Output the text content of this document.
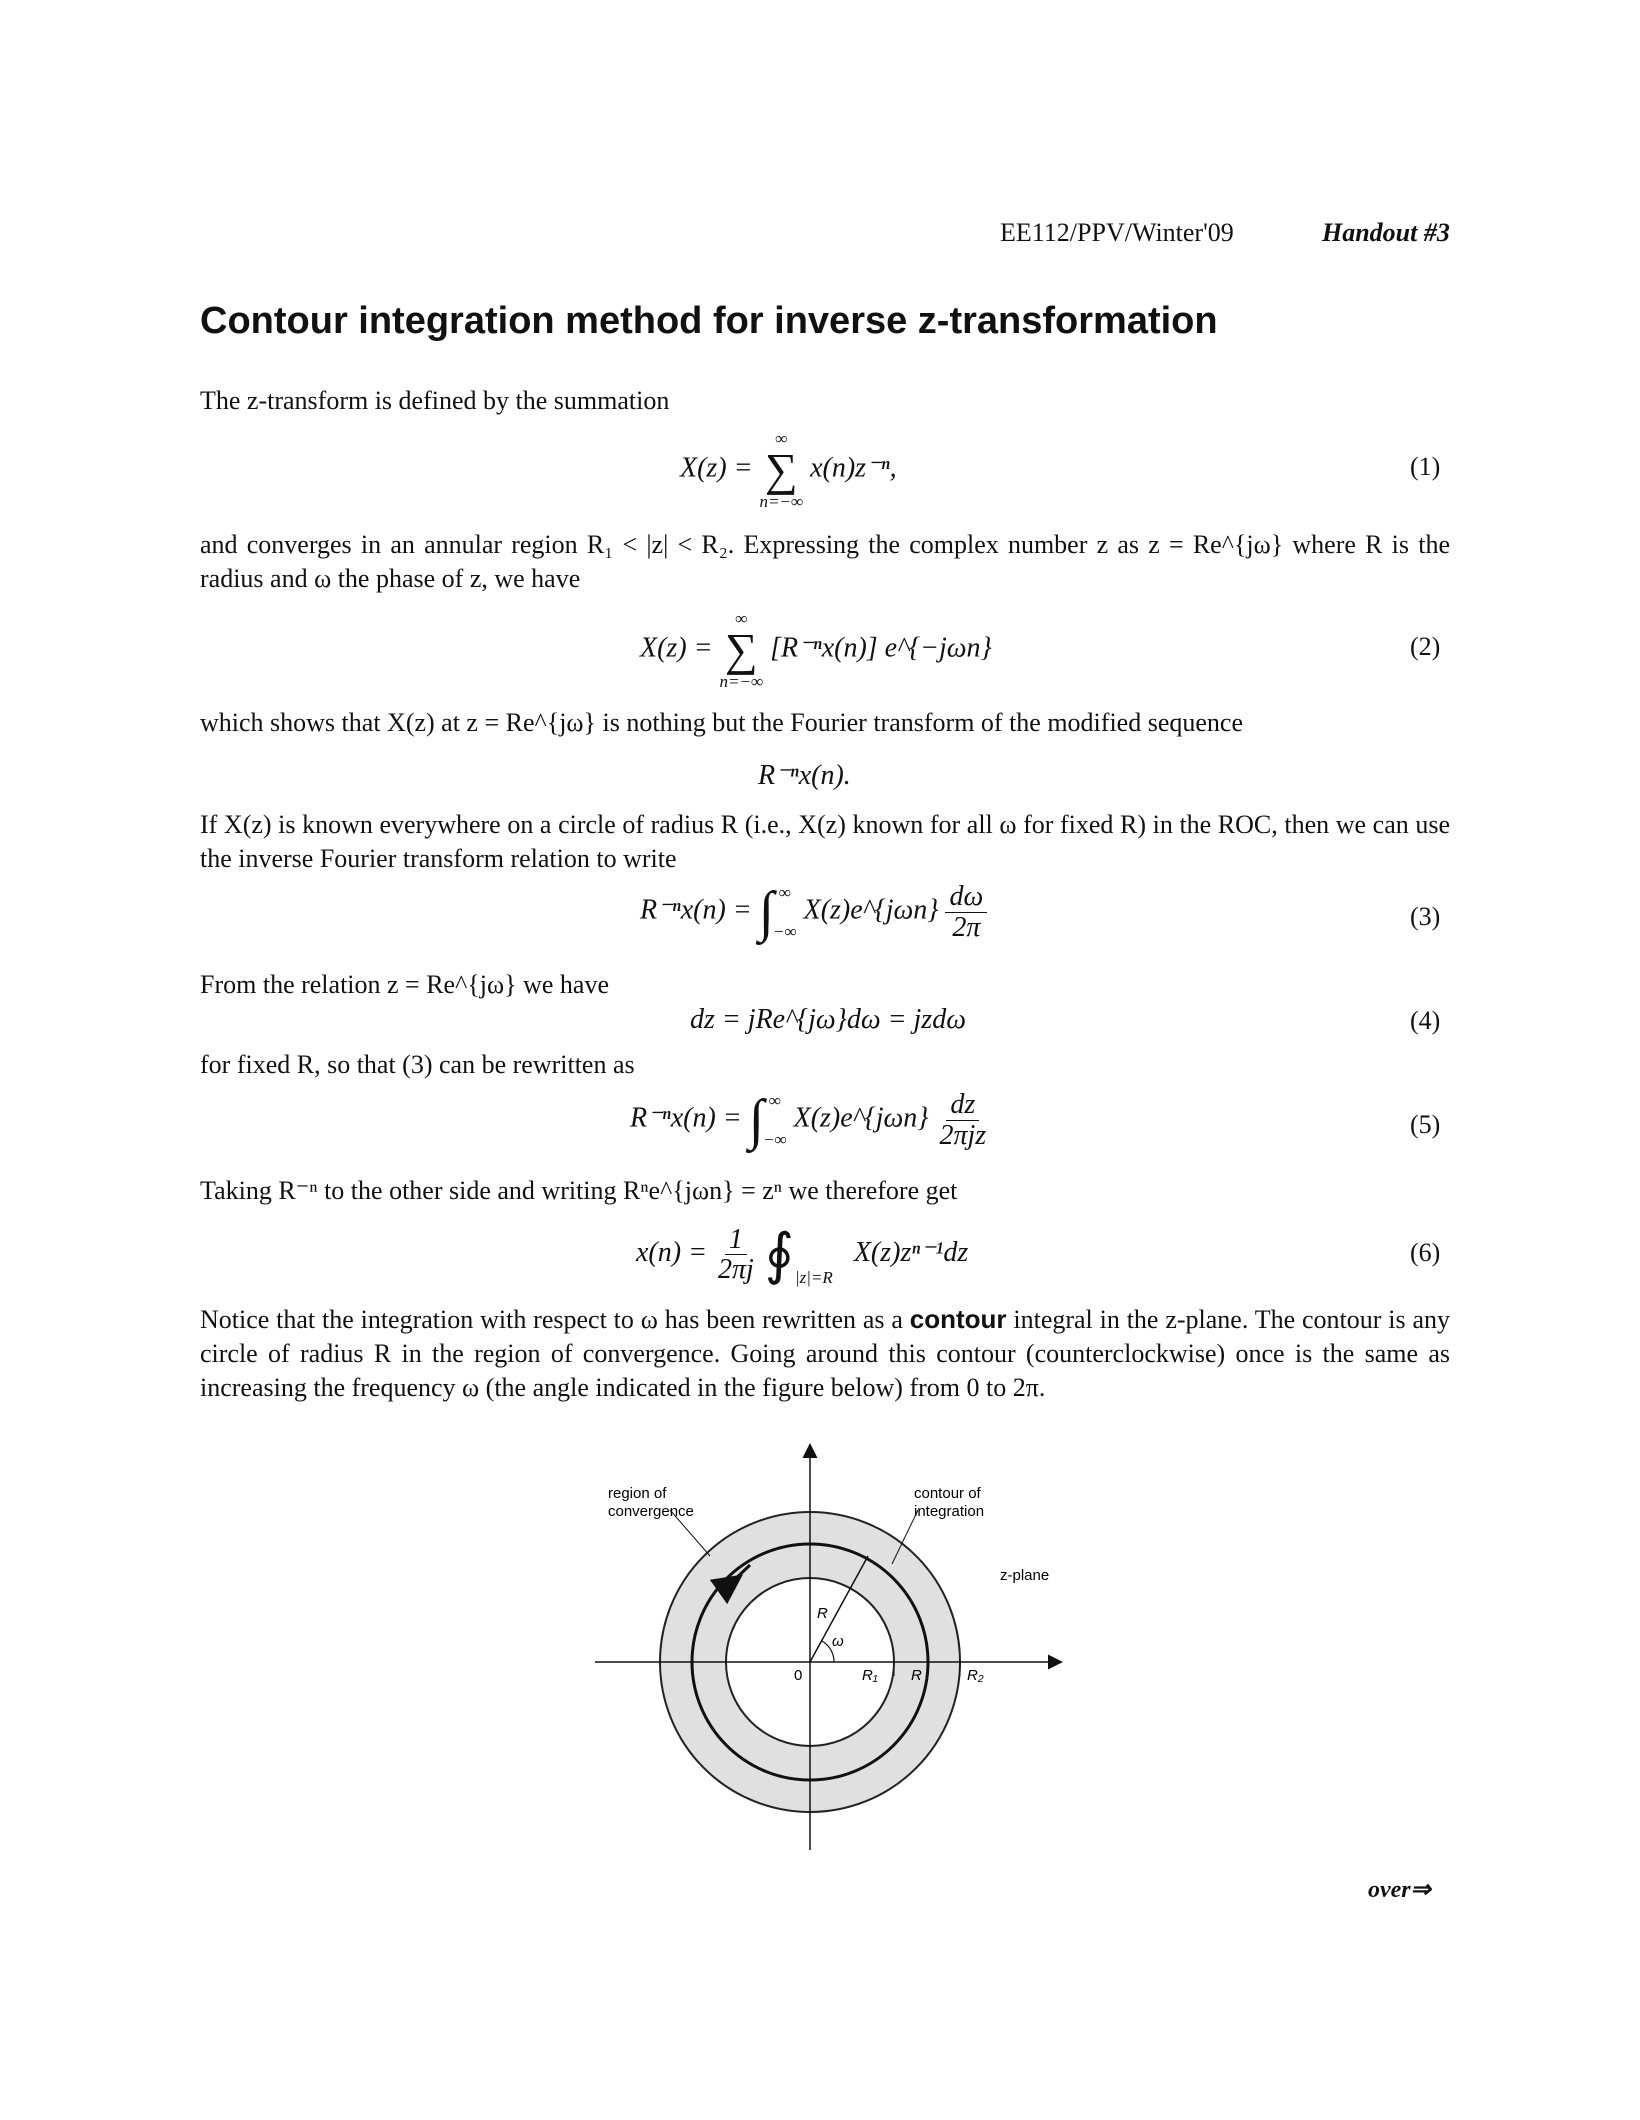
EE112/PPV/Winter'09	Handout #3
Contour integration method for inverse z-transformation
The z-transform is defined by the summation
X(z) =
∞
∑
n=−∞
x(n)z⁻ⁿ,	(1)
and converges in an annular region R₁ < |z| < R₂. Expressing the complex number z as z = Re^{jω} where R is the radius and ω the phase of z, we have
X(z) =
∞
∑
n=−∞
[R⁻ⁿx(n)] e^{−jωn}	(2)
which shows that X(z) at z = Re^{jω} is nothing but the Fourier transform of the modified sequence
R⁻ⁿx(n).
If X(z) is known everywhere on a circle of radius R (i.e., X(z) known for all ω for fixed R) in the ROC, then we can use the inverse Fourier transform relation to write
R⁻ⁿx(n) = ∫ ∞
−∞
X(z)e^{jωn} $\frac{d\omega}{2\pi}$	(3)
From the relation z = Re^{jω} we have
dz = jRe^{jω}dω = jzdω	(4)
for fixed R, so that (3) can be rewritten as
R⁻ⁿx(n) = ∫ ∞
−∞
X(z)e^{jωn} $\frac{dz}{\text{2πjz}}$	(5)
Taking R⁻ⁿ to the other side and writing Rⁿe^{jωn} = zⁿ we therefore get
$x(n) = \frac{1}{2\pi j}$ ∮ $_{|z|=R}$ X(z)zⁿ⁻¹dz	(6)
Notice that the integration with respect to ω has been rewritten as a contour integral in the z-plane. The contour is any circle of radius R in the region of convergence. Going around this contour (counterclockwise) once is the same as increasing the frequency ω (the angle indicated in the figure below) from 0 to 2π.
region of
convergence
contour of
integration
z-plane
0
R
ω
R₁ R	R₂
over⇒
